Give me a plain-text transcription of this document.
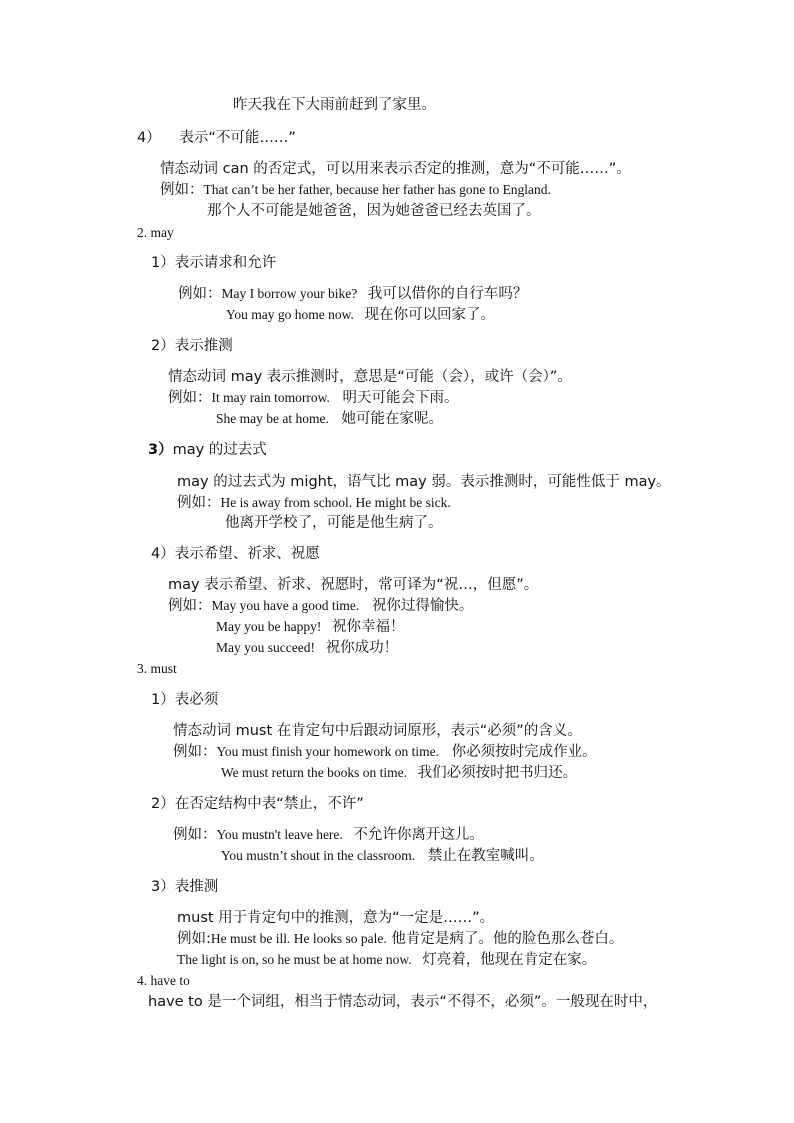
昨天我在下大雨前赶到了家里。
4） 表示“不可能……”
情态动词 can 的否定式，可以用来表示否定的推测，意为“不可能……”。
例如：That can’t be her father, because her father has gone to England.
那个人不可能是她爸爸，因为她爸爸已经去英国了。
2. may
1）表示请求和允许
例如：May I borrow your bike? 我可以借你的自行车吗？
You may go home now. 现在你可以回家了。
2）表示推测
情态动词 may 表示推测时，意思是“可能（会），或许（会）”。
例如：It may rain tomorrow. 明天可能会下雨。
She may be at home. 她可能在家呢。
3）may 的过去式
may 的过去式为 might，语气比 may 弱。表示推测时，可能性低于 may。
例如：He is away from school. He might be sick.
他离开学校了，可能是他生病了。
4）表示希望、祈求、祝愿
may 表示希望、祈求、祝愿时，常可译为“祝…，但愿”。
例如：May you have a good time. 祝你过得愉快。
May you be happy! 祝你幸福！
May you succeed! 祝你成功！
3. must
1）表必须
情态动词 must 在肯定句中后跟动词原形，表示“必须”的含义。
例如：You must finish your homework on time. 你必须按时完成作业。
We must return the books on time. 我们必须按时把书归还。
2）在否定结构中表“禁止，不许”
例如：You mustn't leave here. 不允许你离开这儿。
You mustn’t shout in the classroom. 禁止在教室喊叫。
3）表推测
must 用于肯定句中的推测，意为“一定是……”。
例如:He must be ill. He looks so pale. 他肯定是病了。他的脸色那么苍白。
The light is on, so he must be at home now. 灯亮着，他现在肯定在家。
4. have to
have to 是一个词组，相当于情态动词，表示“不得不，必须”。一般现在时中，
